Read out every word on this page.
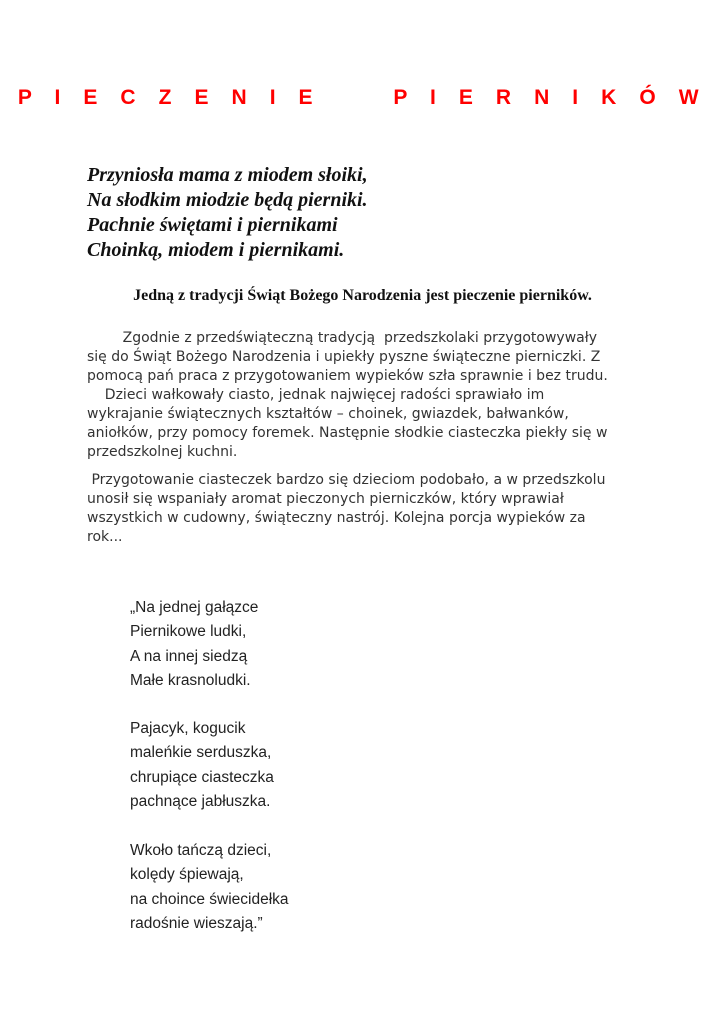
P I E C Z E N I E     P I E R N I K Ó W
Przyniosła mama z miodem słoiki,
Na słodkim miodzie będą pierniki.
Pachnie świętami i piernikami
Choinką, miodem i piernikami.
Jedną z tradycji Świąt Bożego Narodzenia jest pieczenie pierników.
Zgodnie z przedświąteczną tradycją  przedszkolaki przygotowywały
się do Świąt Bożego Narodzenia i upiekły pyszne świąteczne pierniczki. Z
pomocą pań praca z przygotowaniem wypieków szła sprawnie i bez trudu.
Dzieci wałkowały ciasto, jednak najwięcej radości sprawiało im
wykrajanie świątecznych kształtów – choinek, gwiazdek, bałwanków,
aniołków, przy pomocy foremek. Następnie słodkie ciasteczka piekły się w
przedszkolnej kuchni.
Przygotowanie ciasteczek bardzo się dzieciom podobało, a w przedszkolu
unosił się wspaniały aromat pieczonych pierniczków, który wprawiał
wszystkich w cudowny, świąteczny nastrój. Kolejna porcja wypieków za
rok...
„Na jednej gałązce
Piernikowe ludki,
A na innej siedzą
Małe krasnoludki.
Pajacyk, kogucik
maleńkie serduszka,
chrupiące ciasteczka
pachnące jabłuszka.
Wkoło tańczą dzieci,
kolędy śpiewają,
na choince świecidełka
radośnie wieszają.”
